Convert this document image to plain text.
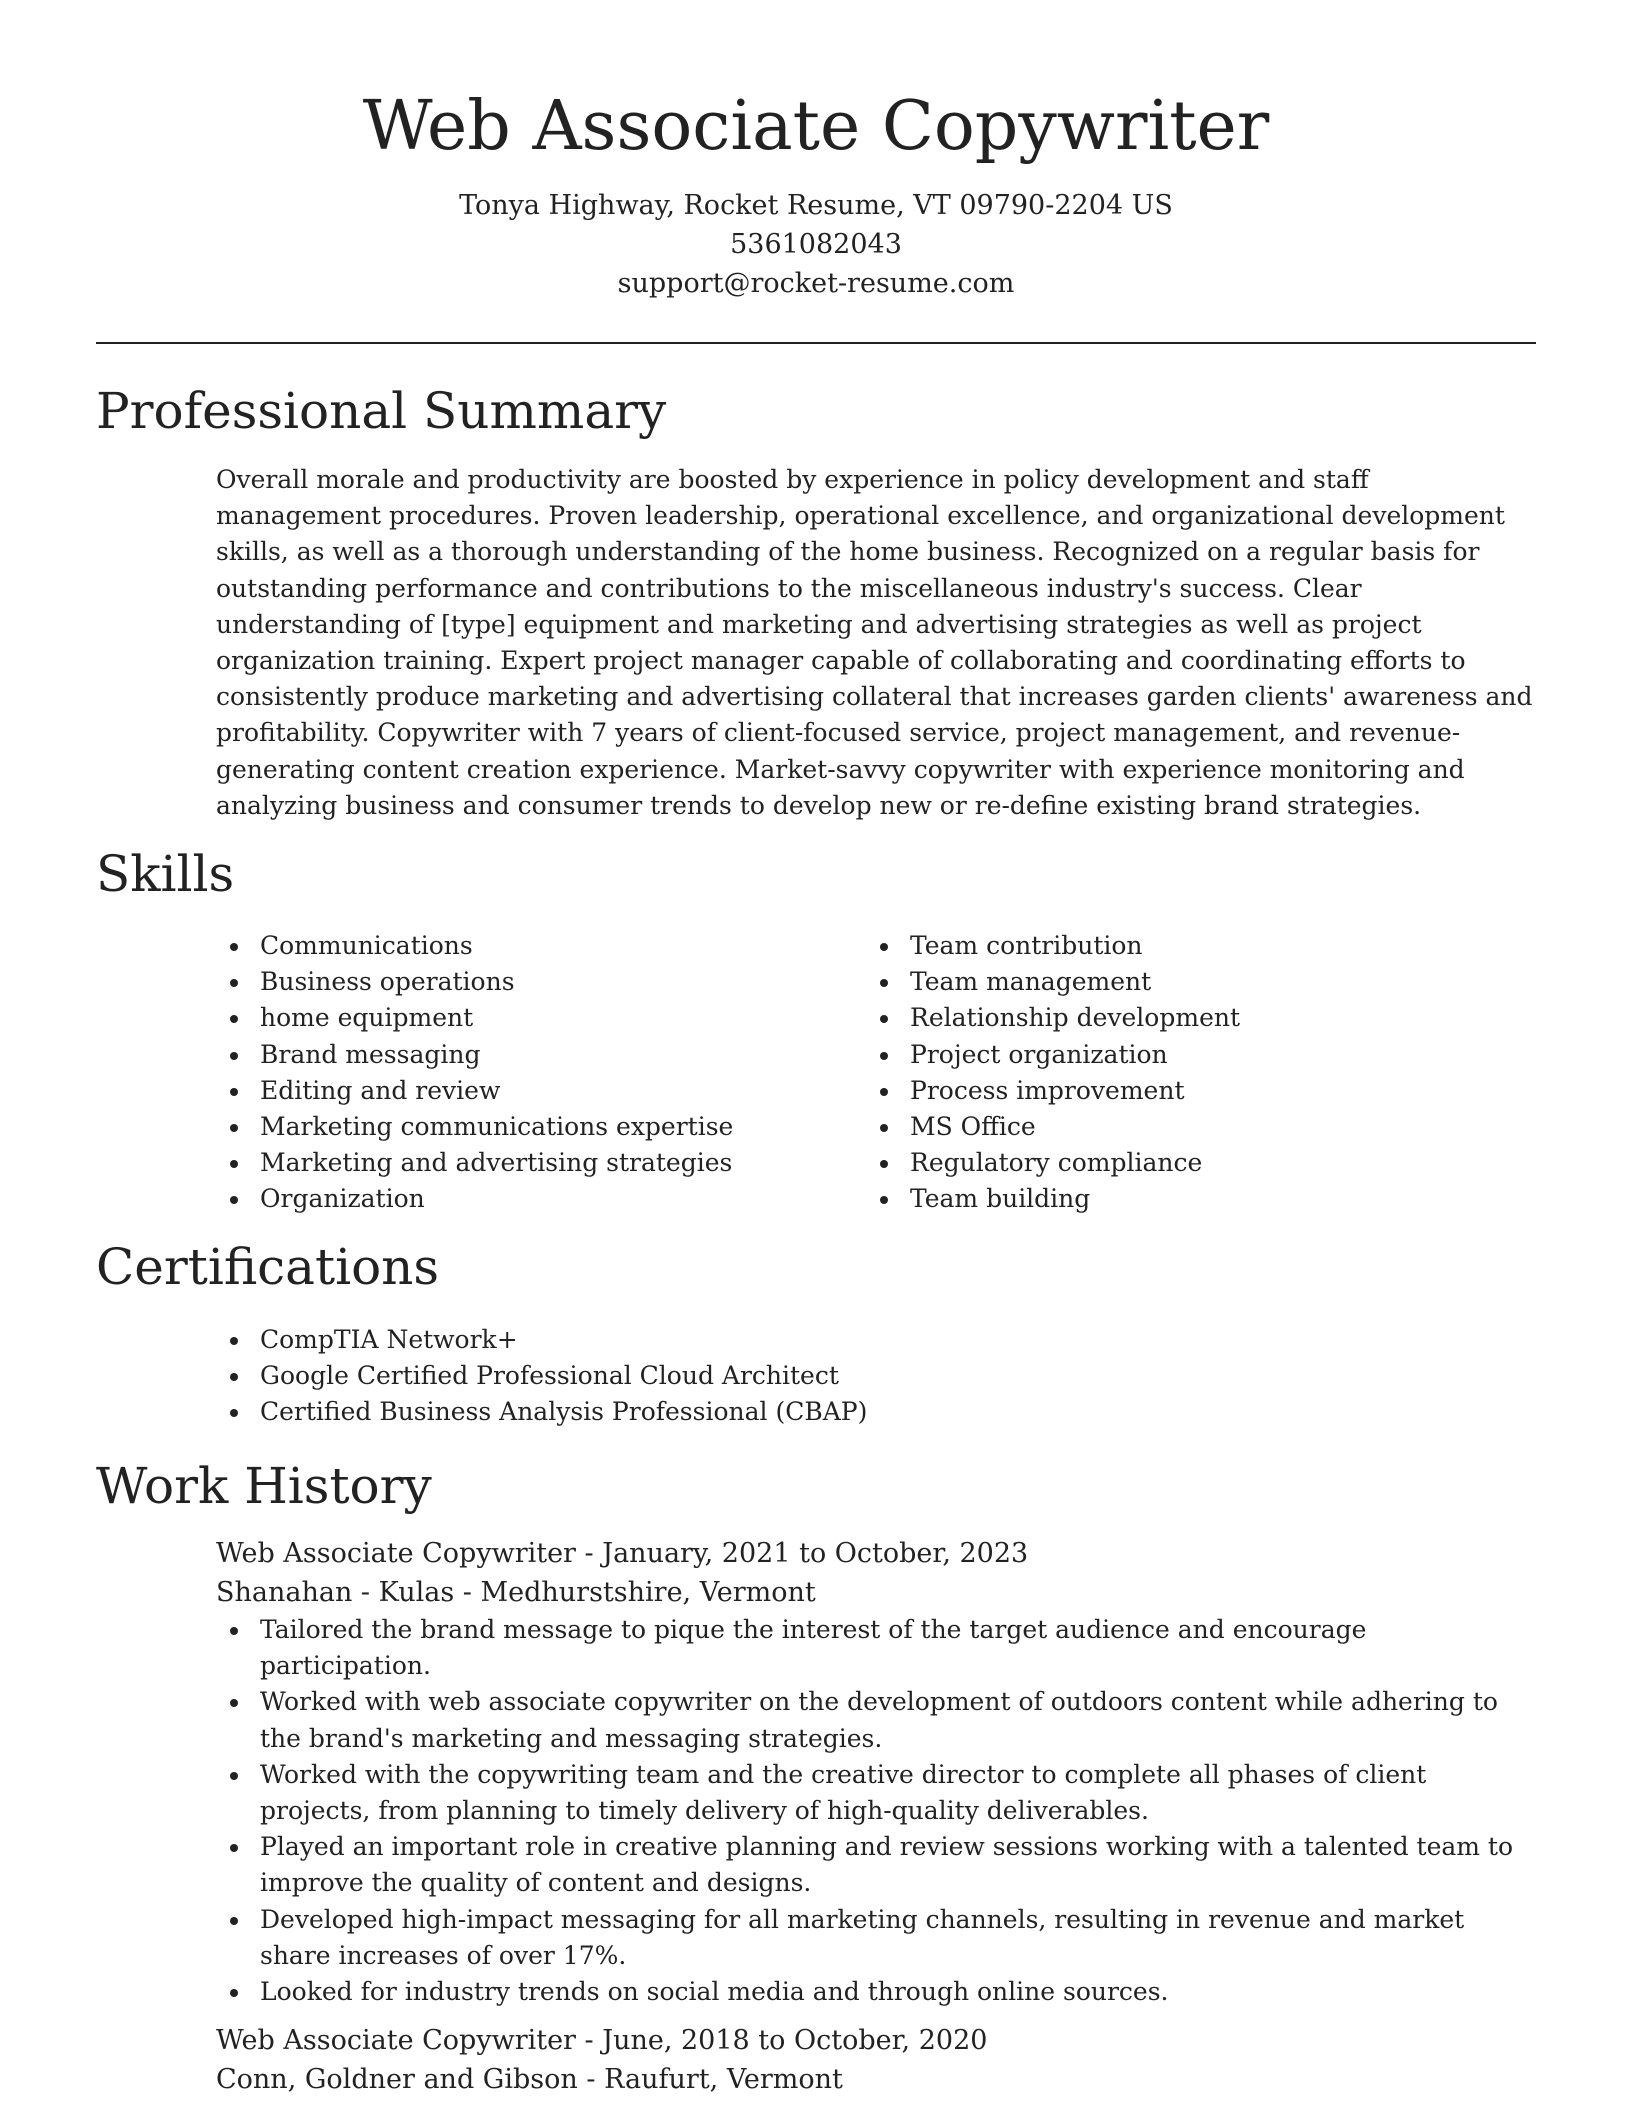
Web Associate Copywriter
Tonya Highway, Rocket Resume, VT 09790-2204 US
5361082043
support@rocket-resume.com
Professional Summary

Overall morale and productivity are boosted by experience in policy development and staff management procedures. Proven leadership, operational excellence, and organizational development skills, as well as a thorough understanding of the home business. Recognized on a regular basis for outstanding performance and contributions to the miscellaneous industry's success. Clear understanding of [type] equipment and marketing and advertising strategies as well as project organization training. Expert project manager capable of collaborating and coordinating efforts to consistently produce marketing and advertising collateral that increases garden clients' awareness and profitability. Copywriter with 7 years of client-focused service, project management, and revenue-generating content creation experience. Market-savvy copywriter with experience monitoring and analyzing business and consumer trends to develop new or re-define existing brand strategies.

Skills
Communications
Business operations
home equipment
Brand messaging
Editing and review
Marketing communications expertise
Marketing and advertising strategies
Organization
Team contribution
Team management
Relationship development
Project organization
Process improvement
MS Office
Regulatory compliance
Team building
Certifications
CompTIA Network+
Google Certified Professional Cloud Architect
Certified Business Analysis Professional (CBAP)
Work History
Web Associate Copywriter - January, 2021 to October, 2023
Shanahan - Kulas - Medhurstshire, Vermont
Tailored the brand message to pique the interest of the target audience and encourage participation.
Worked with web associate copywriter on the development of outdoors content while adhering to the brand's marketing and messaging strategies.
Worked with the copywriting team and the creative director to complete all phases of client projects, from planning to timely delivery of high-quality deliverables.
Played an important role in creative planning and review sessions working with a talented team to improve the quality of content and designs.
Developed high-impact messaging for all marketing channels, resulting in revenue and market share increases of over 17%.
Looked for industry trends on social media and through online sources.
Web Associate Copywriter - June, 2018 to October, 2020
Conn, Goldner and Gibson - Raufurt, Vermont
